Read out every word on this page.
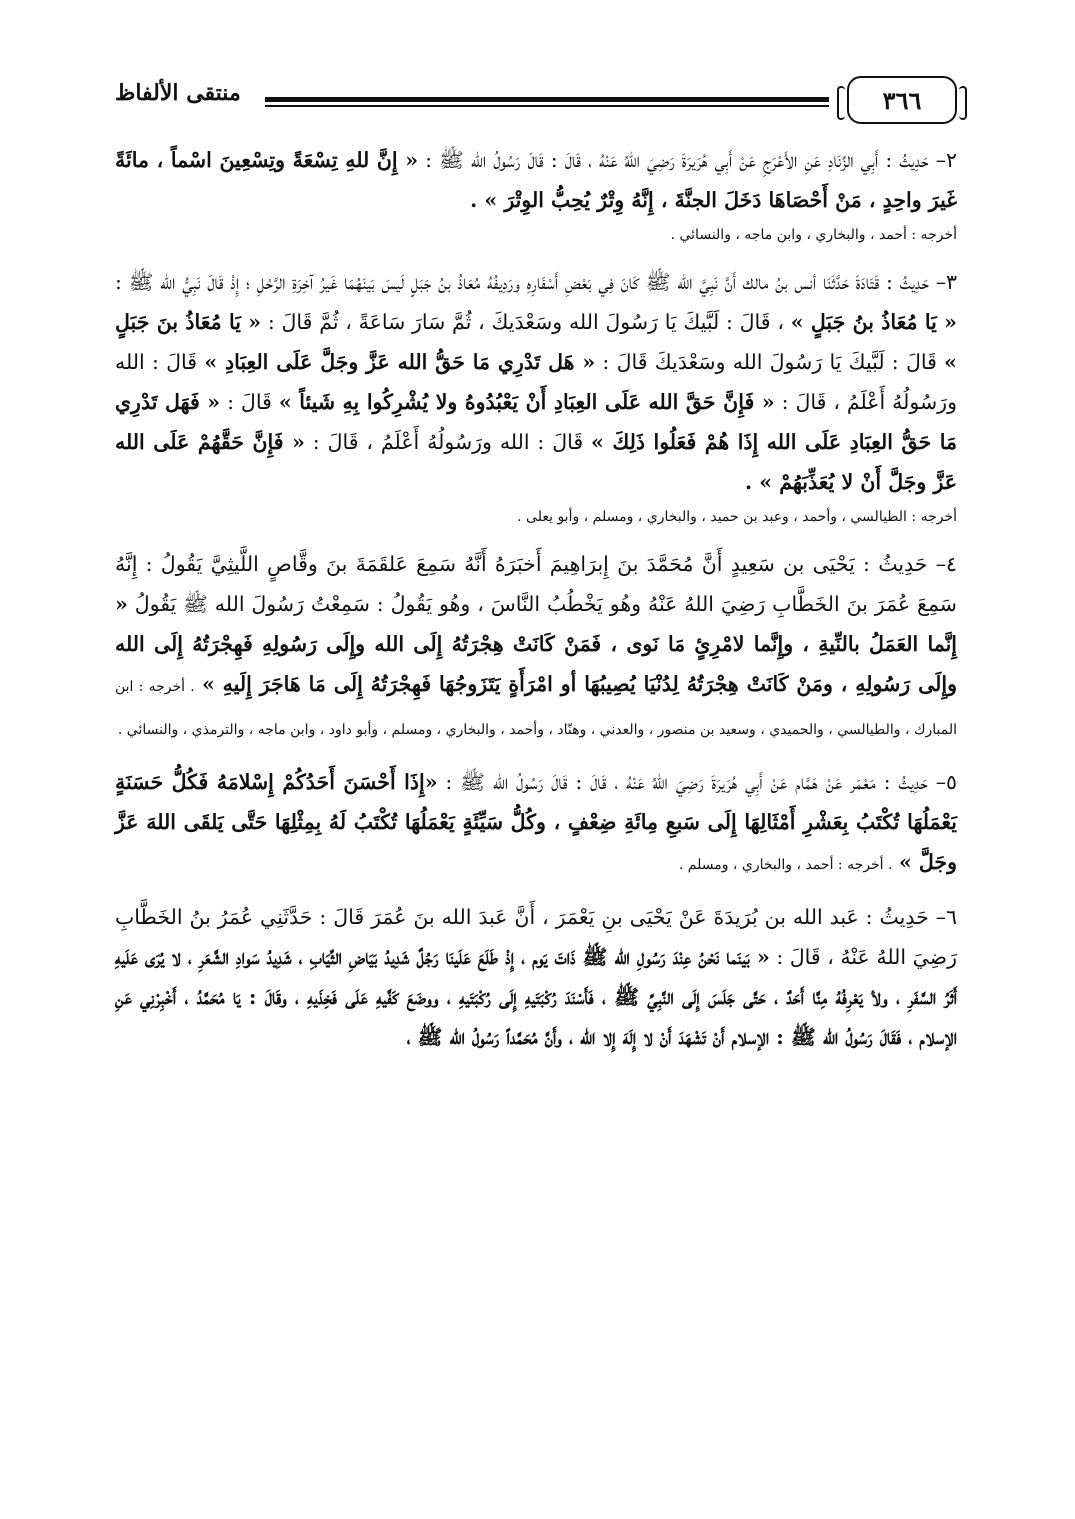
٣٦٦
منتقى الألفاظ

٢– حَدِيثُ : أَبِي الزِّنَادِ عَنِ الأَعْرَجِ عَنْ أَبِي هُرَيرَةَ رَضِيَ اللهُ عَنْهُ ، قَالَ : قَالَ رَسُولُ الله ﷺ : « إِنَّ للهِ تِسْعَةً وتِسْعِينَ اسْماً ، مائَةً غَيرَ واحِدٍ ، مَنْ أَحْصَاهَا دَخَلَ الجنَّةَ ، إِنَّهُ وِتْرٌ يُحِبُّ الوِتْرَ » .

أخرجه : أحمد ، والبخاري ، وابن ماجه ، والنسائي .

٣– حَدِيثُ : قَتَادَةَ حَدَّثَنَا أنس بنُ مالك أَنَّ نَبِيَّ الله ﷺ كَانَ فِي بَعْضِ أَسْفَارِهِ ورَدِيفُهُ مُعَاذُ بنُ جَبَلٍ لَيسَ بَينَهُمَا غَيرُ آخِرَةِ الرَّحْلِ ؛ إِذْ قَالَ نَبِيُّ الله ﷺ : « يَا مُعَاذُ بنُ جَبَلٍ » ، قَالَ : لَبَّيكَ يَا رَسُولَ الله وسَعْدَيكَ ، ثُمَّ سَارَ سَاعَةً ، ثُمَّ قَالَ : « يَا مُعَاذُ بنَ جَبَلٍ » قَالَ : لَبَّيكَ يَا رَسُولَ الله وسَعْدَيكَ قَالَ : « هَل تَدْرِي مَا حَقُّ الله عَزَّ وجَلَّ عَلَى العِبَادِ » قَالَ : الله ورَسُولُهُ أَعْلَمُ ، قَالَ : « فَإِنَّ حَقَّ الله عَلَى العِبَادِ أَنْ يَعْبُدُوهُ ولا يُشْرِكُوا بِهِ شَيئاً » قَالَ : « فَهَل تَدْرِي مَا حَقُّ العِبَادِ عَلَى الله إِذَا هُمْ فَعَلُوا ذَلِكَ » قَالَ : الله ورَسُولُهُ أَعْلَمُ ، قَالَ : « فَإِنَّ حَقَّهُمْ عَلَى الله عَزَّ وجَلَّ أَنْ لا يُعَذِّبَهُمْ » .

أخرجه : الطيالسي ، وأحمد ، وعبد بن حميد ، والبخاري ، ومسلم ، وأبو يعلى .

٤– حَدِيثُ : يَحْيَى بن سَعِيدٍ أَنَّ مُحَمَّدَ بنَ إِبرَاهِيمَ أَخبَرَهُ أَنَّهُ سَمِعَ عَلقَمَةَ بنَ وقَّاصٍ اللَّيثِيَّ يَقُولُ : إِنَّهُ سَمِعَ عُمَرَ بنَ الخَطَّابِ رَضِيَ اللهُ عَنْهُ وهُو يَخْطُبُ النَّاسَ ، وهُو يَقُولُ : سَمِعْتُ رَسُولَ الله ﷺ يَقُولُ « إِنَّما العَمَلُ بالنِّيةِ ، وإِنَّما لامْرِئٍ مَا نَوى ، فَمَنْ كَانَتْ هِجْرَتُهُ إِلَى الله وإِلَى رَسُولِهِ فَهِجْرَتُهُ إِلَى الله وإِلَى رَسُولِهِ ، ومَنْ كَانَتْ هِجْرَتُهُ لِدُنْيَا يُصِيبُهَا أو امْرَأَةٍ يَتَزَوجُهَا فَهِجْرَتُهُ إِلَى مَا هَاجَرَ إِلَيهِ » . أخرجه : ابن المبارك ، والطيالسي ، والحميدي ، وسعيد بن منصور ، والعدني ، وهنّاد ، وأحمد ، والبخاري ، ومسلم ، وأبو داود ، وابن ماجه ، والترمذي ، والنسائي .

٥– حَدِيثُ : مَعْمَر عَنْ هَمَّام عَنْ أَبِي هُرَيرَةَ رَضِيَ اللهُ عَنْهُ ، قَالَ : قَالَ رَسُولُ الله ﷺ : «إِذَا أَحْسَنَ أَحَدُكُمْ إِسْلامَهُ فَكُلُّ حَسَنَةٍ يَعْمَلُهَا تُكْتَبُ بِعَشْرِ أَمْثَالِهَا إِلَى سَبعِ مِائَةِ ضِعْفٍ ، وكُلُّ سَيِّئَةٍ يَعْمَلُهَا تُكْتَبُ لَهُ بِمِثْلِهَا حَتَّى يَلقَى اللهَ عَزَّ وجَلَّ » . أخرجه : أحمد ، والبخاري ، ومسلم .

٦– حَدِيثُ : عَبد الله بن بُرَيدَةَ عَنْ يَحْيَى بنِ يَعْمَرَ ، أَنَّ عَبدَ الله بنَ عُمَرَ قَالَ : حَدَّثَنِي عُمَرُ بنُ الخَطَّابِ رَضِيَ اللهُ عَنْهُ ، قَالَ : « بَينَما نَحْنُ عِنْدَ رَسُولِ الله ﷺ ذَاتَ يَوم ، إِذْ طَلَعَ عَلَينَا رَجُلٌ شَدِيدُ بَيَاضِ الثِّيَابِ ، شَدِيدُ سَوادِ الشَّعَرِ ، لا يُرَى عَلَيهِ أَثَرُ السَّفَرِ ، ولأ يَعْرِفُهُ مِنَّا أَحَدٌ ، حَتَّى جَلَسَ إِلَى النَّبِيِّ ﷺ ، فَأَسْنَدَ رُكْبَتَيهِ إِلَى رُكْبَتَيهِ ، ووضَعَ كَفَّيهِ عَلَى فَخِذَيهِ ، وقَالَ : يَا مُحَمَّدُ ، أَخْبِرْنِي عَنِ الإسلام ، فَقَالَ رَسُولُ الله ﷺ : الإسلام أَنْ تَشْهَدَ أَنْ لا إِلَهَ إِلا الله ، وأَنَّ مُحَمَّداً رَسُولُ الله ﷺ ،
